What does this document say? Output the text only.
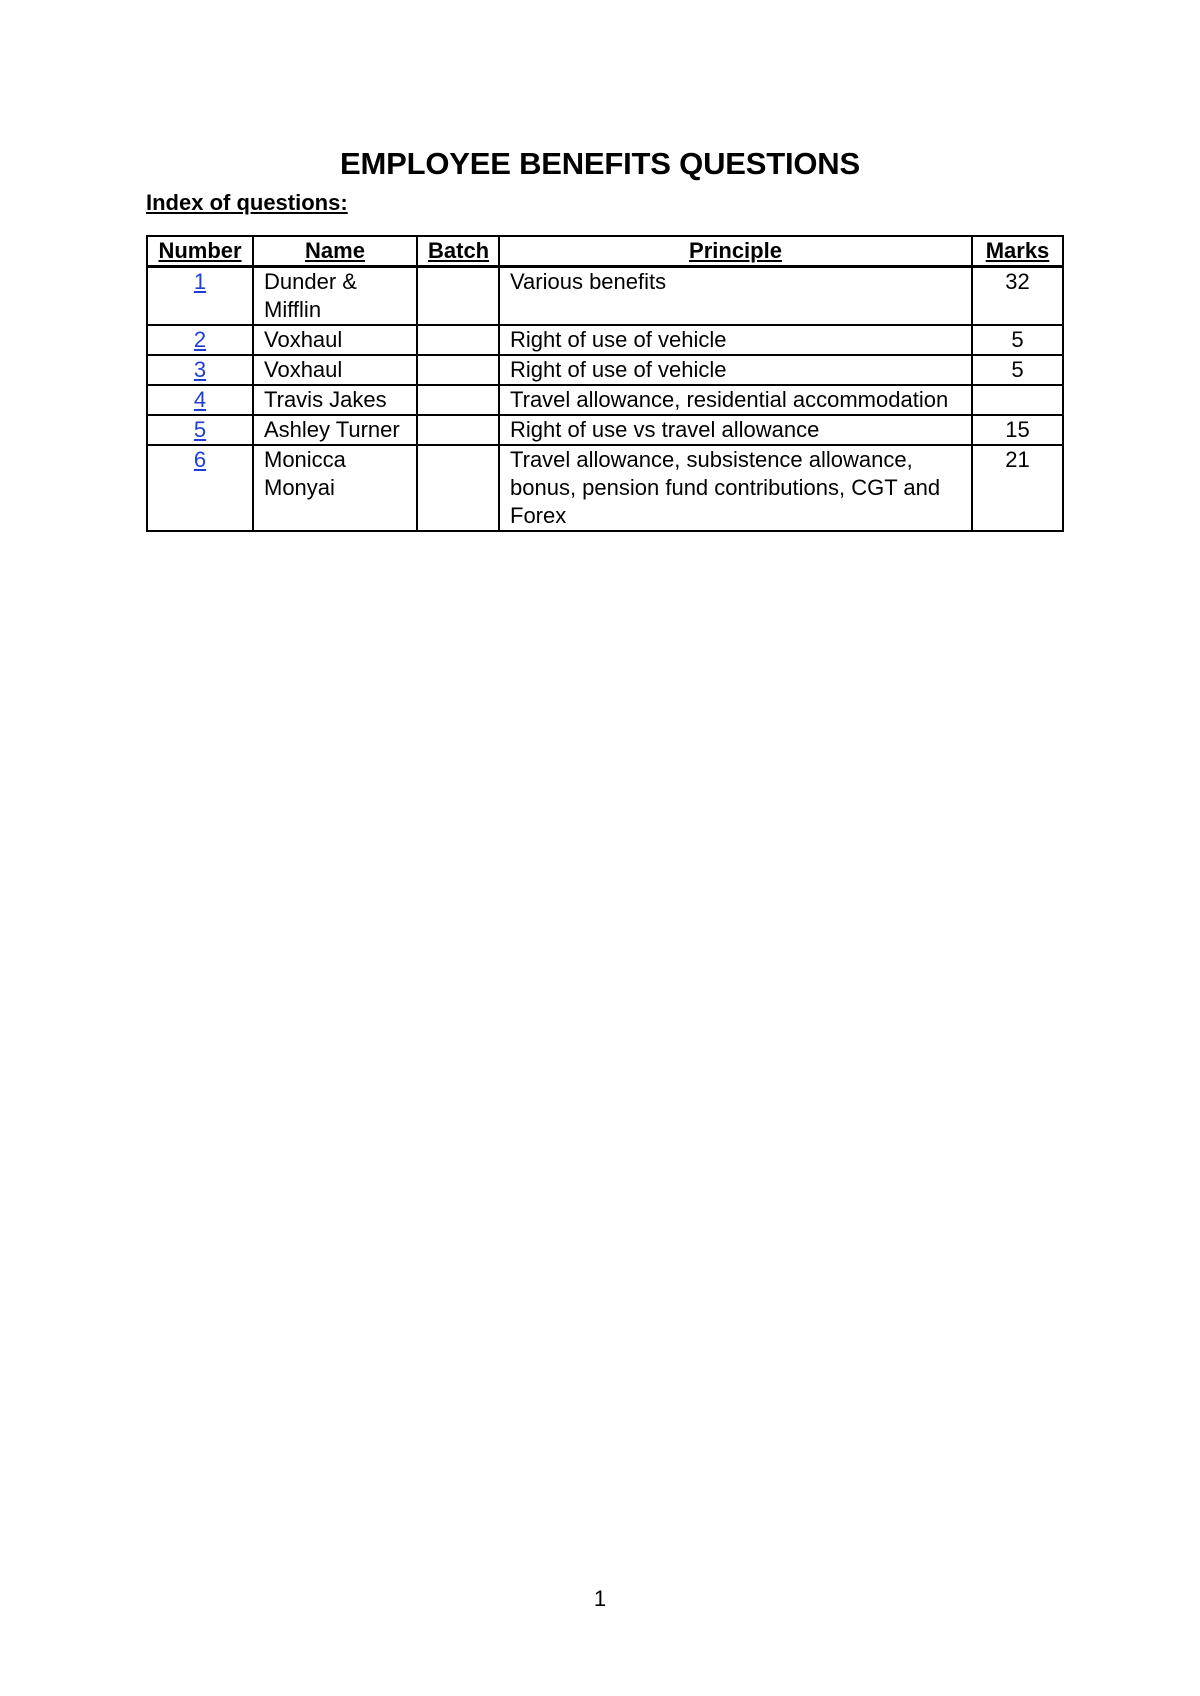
EMPLOYEE BENEFITS QUESTIONS
Index of questions:
Number	Name	Batch	Principle	Marks
1	Dunder & Mifflin		Various benefits	32
2	Voxhaul		Right of use of vehicle	5
3	Voxhaul		Right of use of vehicle	5
4	Travis Jakes		Travel allowance, residential accommodation	
5	Ashley Turner		Right of use vs travel allowance	15
6	Monicca Monyai		Travel allowance, subsistence allowance, bonus, pension fund contributions, CGT and Forex	21
1
